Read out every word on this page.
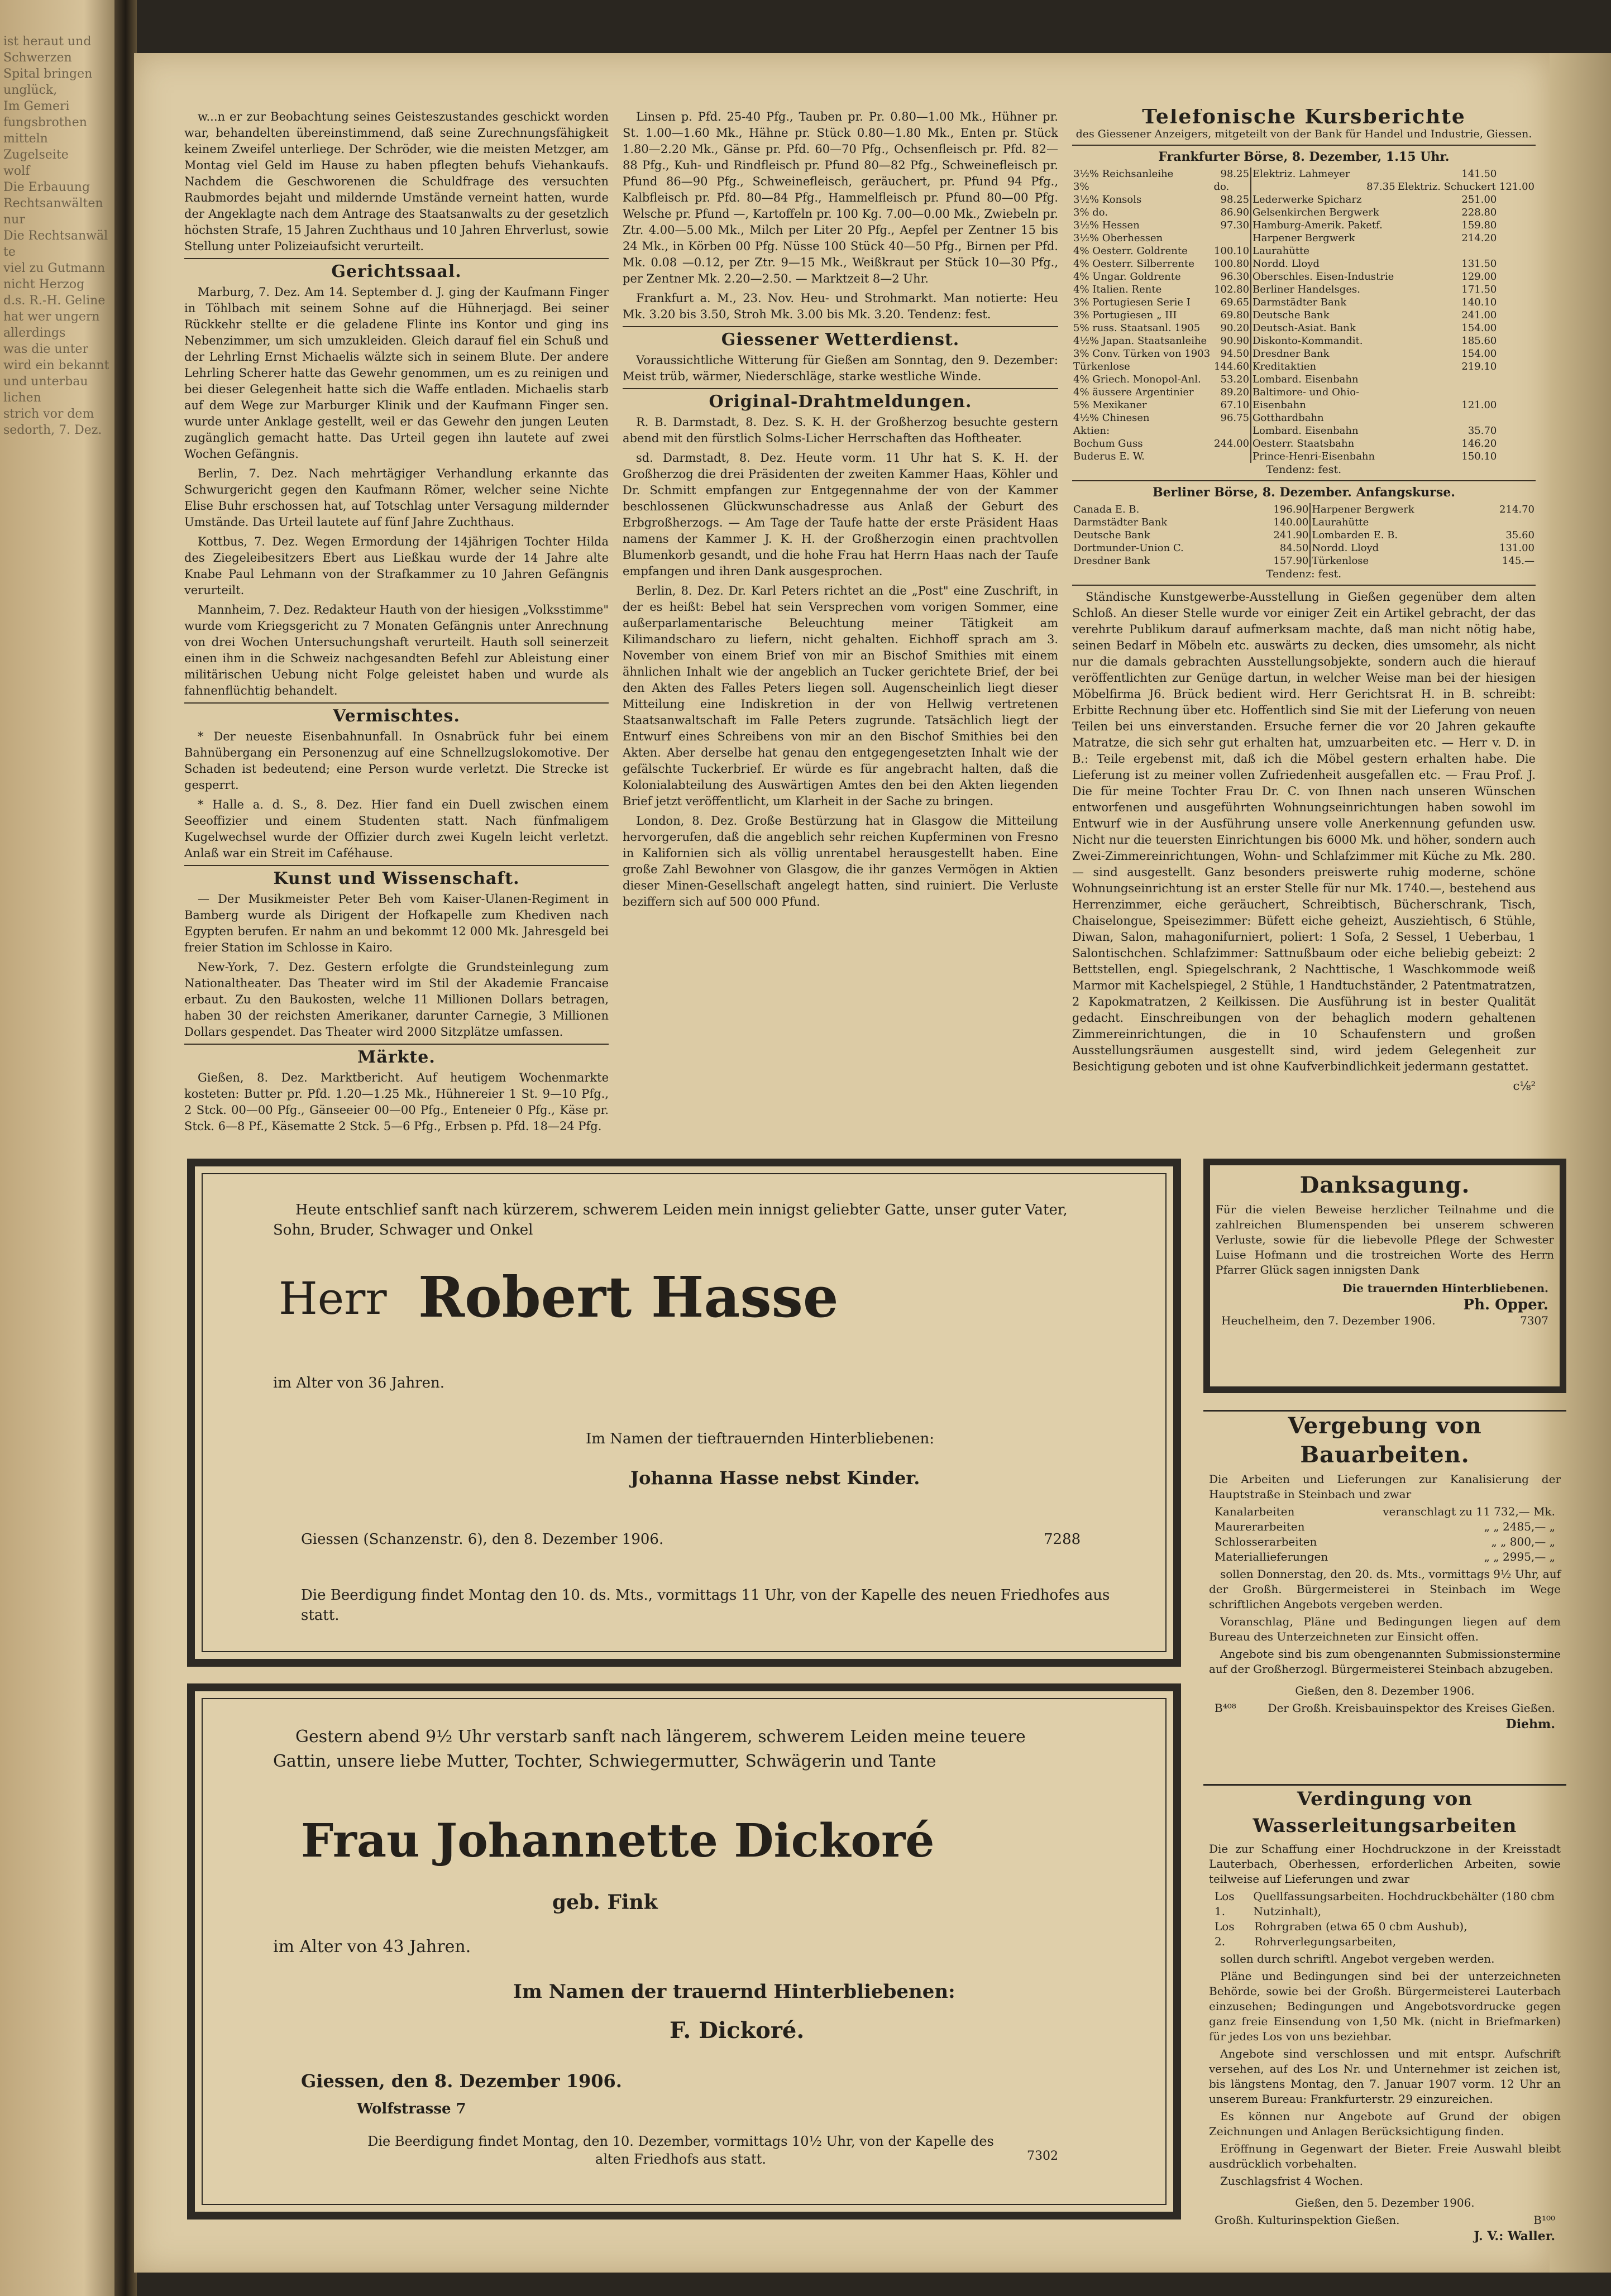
ist heraut und
Schwerzen
Spital bringen
unglück,
Im Gemeri
fungsbrothen
mitteln
Zugelseite
wolf
Die Erbauung
Rechtsanwälten
nur
Die Rechtsanwälte
viel zu Gutmann
nicht Herzog
d.s. R.-H. Geline
hat wer ungern
allerdings
was die unter
wird ein bekannt
und unterbau
lichen
strich vor dem
sedorth, 7. Dez.

w...n er zur Beobachtung seines Geisteszustandes geschickt worden war, behandelten übereinstimmend, daß seine Zurechnungsfähigkeit keinem Zweifel unterliege. Der Schröder, wie die meisten Metzger, am Montag viel Geld im Hause zu haben pflegten behufs Viehankaufs. Nachdem die Geschworenen die Schuldfrage des versuchten Raubmordes bejaht und mildernde Umstände verneint hatten, wurde der Angeklagte nach dem Antrage des Staatsanwalts zu der gesetzlich höchsten Strafe, 15 Jahren Zuchthaus und 10 Jahren Ehrverlust, sowie Stellung unter Polizeiaufsicht verurteilt.

Gerichtssaal.

Marburg, 7. Dez. Am 14. September d. J. ging der Kaufmann Finger in Töhlbach mit seinem Sohne auf die Hühnerjagd. Bei seiner Rückkehr stellte er die geladene Flinte ins Kontor und ging ins Nebenzimmer, um sich umzukleiden. Gleich darauf fiel ein Schuß und der Lehrling Ernst Michaelis wälzte sich in seinem Blute. Der andere Lehrling Scherer hatte das Gewehr genommen, um es zu reinigen und bei dieser Gelegenheit hatte sich die Waffe entladen. Michaelis starb auf dem Wege zur Marburger Klinik und der Kaufmann Finger sen. wurde unter Anklage gestellt, weil er das Gewehr den jungen Leuten zugänglich gemacht hatte. Das Urteil gegen ihn lautete auf zwei Wochen Gefängnis.

Berlin, 7. Dez. Nach mehrtägiger Verhandlung erkannte das Schwurgericht gegen den Kaufmann Römer, welcher seine Nichte Elise Buhr erschossen hat, auf Totschlag unter Versagung mildernder Umstände. Das Urteil lautete auf fünf Jahre Zuchthaus.

Kottbus, 7. Dez. Wegen Ermordung der 14jährigen Tochter Hilda des Ziegeleibesitzers Ebert aus Ließkau wurde der 14 Jahre alte Knabe Paul Lehmann von der Strafkammer zu 10 Jahren Gefängnis verurteilt.

Mannheim, 7. Dez. Redakteur Hauth von der hiesigen „Volksstimme" wurde vom Kriegsgericht zu 7 Monaten Gefängnis unter Anrechnung von drei Wochen Untersuchungshaft verurteilt. Hauth soll seinerzeit einen ihm in die Schweiz nachgesandten Befehl zur Ableistung einer militärischen Uebung nicht Folge geleistet haben und wurde als fahnenflüchtig behandelt.

Vermischtes.

* Der neueste Eisenbahnunfall. In Osnabrück fuhr bei einem Bahnübergang ein Personenzug auf eine Schnellzugslokomotive. Der Schaden ist bedeutend; eine Person wurde verletzt. Die Strecke ist gesperrt.

* Halle a. d. S., 8. Dez. Hier fand ein Duell zwischen einem Seeoffizier und einem Studenten statt. Nach fünfmaligem Kugelwechsel wurde der Offizier durch zwei Kugeln leicht verletzt. Anlaß war ein Streit im Caféhause.

Kunst und Wissenschaft.

— Der Musikmeister Peter Beh vom Kaiser-Ulanen-Regiment in Bamberg wurde als Dirigent der Hofkapelle zum Khediven nach Egypten berufen. Er nahm an und bekommt 12 000 Mk. Jahresgeld bei freier Station im Schlosse in Kairo.

New-York, 7. Dez. Gestern erfolgte die Grundsteinlegung zum Nationaltheater. Das Theater wird im Stil der Akademie Francaise erbaut. Zu den Baukosten, welche 11 Millionen Dollars betragen, haben 30 der reichsten Amerikaner, darunter Carnegie, 3 Millionen Dollars gespendet. Das Theater wird 2000 Sitzplätze umfassen.

Märkte.

Gießen, 8. Dez. Marktbericht. Auf heutigem Wochenmarkte kosteten: Butter pr. Pfd. 1.20—1.25 Mk., Hühnereier 1 St. 9—10 Pfg., 2 Stck. 00—00 Pfg., Gänseeier 00—00 Pfg., Enteneier 0 Pfg., Käse pr. Stck. 6—8 Pf., Käsematte 2 Stck. 5—6 Pfg., Erbsen p. Pfd. 18—24 Pfg.

Linsen p. Pfd. 25-40 Pfg., Tauben pr. Pr. 0.80—1.00 Mk., Hühner pr. St. 1.00—1.60 Mk., Hähne pr. Stück 0.80—1.80 Mk., Enten pr. Stück 1.80—2.20 Mk., Gänse pr. Pfd. 60—70 Pfg., Ochsenfleisch pr. Pfd. 82—88 Pfg., Kuh- und Rindfleisch pr. Pfund 80—82 Pfg., Schweinefleisch pr. Pfund 86—90 Pfg., Schweinefleisch, geräuchert, pr. Pfund 94 Pfg., Kalbfleisch pr. Pfd. 80—84 Pfg., Hammelfleisch pr. Pfund 80—00 Pfg. Welsche pr. Pfund —, Kartoffeln pr. 100 Kg. 7.00—0.00 Mk., Zwiebeln pr. Ztr. 4.00—5.00 Mk., Milch per Liter 20 Pfg., Aepfel per Zentner 15 bis 24 Mk., in Körben 00 Pfg. Nüsse 100 Stück 40—50 Pfg., Birnen per Pfd. Mk. 0.08 —0.12, per Ztr. 9—15 Mk., Weißkraut per Stück 10—30 Pfg., per Zentner Mk. 2.20—2.50. — Marktzeit 8—2 Uhr.

Frankfurt a. M., 23. Nov. Heu- und Strohmarkt. Man notierte: Heu Mk. 3.20 bis 3.50, Stroh Mk. 3.00 bis Mk. 3.20. Tendenz: fest.

Giessener Wetterdienst.

Voraussichtliche Witterung für Gießen am Sonntag, den 9. Dezember: Meist trüb, wärmer, Niederschläge, starke westliche Winde.

Original-Drahtmeldungen.

R. B. Darmstadt, 8. Dez. S. K. H. der Großherzog besuchte gestern abend mit den fürstlich Solms-Licher Herrschaften das Hoftheater.

sd. Darmstadt, 8. Dez. Heute vorm. 11 Uhr hat S. K. H. der Großherzog die drei Präsidenten der zweiten Kammer Haas, Köhler und Dr. Schmitt empfangen zur Entgegennahme der von der Kammer beschlossenen Glückwunschadresse aus Anlaß der Geburt des Erbgroßherzogs. — Am Tage der Taufe hatte der erste Präsident Haas namens der Kammer J. K. H. der Großherzogin einen prachtvollen Blumenkorb gesandt, und die hohe Frau hat Herrn Haas nach der Taufe empfangen und ihren Dank ausgesprochen.

Berlin, 8. Dez. Dr. Karl Peters richtet an die „Post" eine Zuschrift, in der es heißt: Bebel hat sein Versprechen vom vorigen Sommer, eine außerparlamentarische Beleuchtung meiner Tätigkeit am Kilimandscharo zu liefern, nicht gehalten. Eichhoff sprach am 3. November von einem Brief von mir an Bischof Smithies mit einem ähnlichen Inhalt wie der angeblich an Tucker gerichtete Brief, der bei den Akten des Falles Peters liegen soll. Augenscheinlich liegt dieser Mitteilung eine Indiskretion in der von Hellwig vertretenen Staatsanwaltschaft im Falle Peters zugrunde. Tatsächlich liegt der Entwurf eines Schreibens von mir an den Bischof Smithies bei den Akten. Aber derselbe hat genau den entgegengesetzten Inhalt wie der gefälschte Tuckerbrief. Er würde es für angebracht halten, daß die Kolonialabteilung des Auswärtigen Amtes den bei den Akten liegenden Brief jetzt veröffentlicht, um Klarheit in der Sache zu bringen.

London, 8. Dez. Große Bestürzung hat in Glasgow die Mitteilung hervorgerufen, daß die angeblich sehr reichen Kupferminen von Fresno in Kalifornien sich als völlig unrentabel herausgestellt haben. Eine große Zahl Bewohner von Glasgow, die ihr ganzes Vermögen in Aktien dieser Minen-Gesellschaft angelegt hatten, sind ruiniert. Die Verluste beziffern sich auf 500 000 Pfund.

Telefonische Kursberichte
des Giessener Anzeigers, mitgeteilt von der Bank für Handel und Industrie, Giessen.
Frankfurter Börse, 8. Dezember, 1.15 Uhr.
3½% Reichsanleihe	98.25	Elektriz. Lahmeyer	141.50	
3%	do.	87.35	Elektriz. Schuckert	121.00
3½% Konsols	98.25	Lederwerke Spicharz	251.00	
3% do.	86.90	Gelsenkirchen Bergwerk	228.80	
3½% Hessen	97.30	Hamburg-Amerik. Paketf.	159.80	
3½% Oberhessen		Harpener Bergwerk	214.20	
4% Oesterr. Goldrente	100.10	Laurahütte		
4% Oesterr. Silberrente	100.80	Nordd. Lloyd	131.50	
4% Ungar. Goldrente	96.30	Oberschles. Eisen-Industrie	129.00	
4% Italien. Rente	102.80	Berliner Handelsges.	171.50	
3% Portugiesen Serie I	69.65	Darmstädter Bank	140.10	
3% Portugiesen „ III	69.80	Deutsche Bank	241.00	
5% russ. Staatsanl. 1905	90.20	Deutsch-Asiat. Bank	154.00	
4½% Japan. Staatsanleihe	90.90	Diskonto-Kommandit.	185.60	
3% Conv. Türken von 1903	94.50	Dresdner Bank	154.00	
Türkenlose	144.60	Kreditaktien	219.10	
4% Griech. Monopol-Anl.	53.20	Lombard. Eisenbahn		
4% äussere Argentinier	89.20	Baltimore- und Ohio-		
5% Mexikaner	67.10	Eisenbahn	121.00	
4½% Chinesen	96.75	Gotthardbahn		
Aktien:		Lombard. Eisenbahn	35.70	
Bochum Guss	244.00	Oesterr. Staatsbahn	146.20	
Buderus E. W.		Prince-Henri-Eisenbahn	150.10	
Tendenz: fest.
Berliner Börse, 8. Dezember. Anfangskurse.
Canada E. B.	196.90	Harpener Bergwerk	214.70
Darmstädter Bank	140.00	Laurahütte	
Deutsche Bank	241.90	Lombarden E. B.	35.60
Dortmunder-Union C.	84.50	Nordd. Lloyd	131.00
Dresdner Bank	157.90	Türkenlose	145.—
Tendenz: fest.

Ständische Kunstgewerbe-Ausstellung in Gießen gegenüber dem alten Schloß. An dieser Stelle wurde vor einiger Zeit ein Artikel gebracht, der das verehrte Publikum darauf aufmerksam machte, daß man nicht nötig habe, seinen Bedarf in Möbeln etc. auswärts zu decken, dies umsomehr, als nicht nur die damals gebrachten Ausstellungsobjekte, sondern auch die hierauf veröffentlichten zur Genüge dartun, in welcher Weise man bei der hiesigen Möbelfirma J6. Brück bedient wird. Herr Gerichtsrat H. in B. schreibt: Erbitte Rechnung über etc. Hoffentlich sind Sie mit der Lieferung von neuen Teilen bei uns einverstanden. Ersuche ferner die vor 20 Jahren gekaufte Matratze, die sich sehr gut erhalten hat, umzuarbeiten etc. — Herr v. D. in B.: Teile ergebenst mit, daß ich die Möbel gestern erhalten habe. Die Lieferung ist zu meiner vollen Zufriedenheit ausgefallen etc. — Frau Prof. J. Die für meine Tochter Frau Dr. C. von Ihnen nach unseren Wünschen entworfenen und ausgeführten Wohnungseinrichtungen haben sowohl im Entwurf wie in der Ausführung unsere volle Anerkennung gefunden usw. Nicht nur die teuersten Einrichtungen bis 6000 Mk. und höher, sondern auch Zwei-Zimmereinrichtungen, Wohn- und Schlafzimmer mit Küche zu Mk. 280.— sind ausgestellt. Ganz besonders preiswerte ruhig moderne, schöne Wohnungseinrichtung ist an erster Stelle für nur Mk. 1740.—, bestehend aus Herrenzimmer, eiche geräuchert, Schreibtisch, Bücherschrank, Tisch, Chaiselongue, Speisezimmer: Büfett eiche geheizt, Ausziehtisch, 6 Stühle, Diwan, Salon, mahagonifurniert, poliert: 1 Sofa, 2 Sessel, 1 Ueberbau, 1 Salontischchen. Schlafzimmer: Sattnußbaum oder eiche beliebig gebeizt: 2 Bettstellen, engl. Spiegelschrank, 2 Nachttische, 1 Waschkommode weiß Marmor mit Kachelspiegel, 2 Stühle, 1 Handtuchständer, 2 Patentmatratzen, 2 Kapokmatratzen, 2 Keilkissen. Die Ausführung ist in bester Qualität gedacht. Einschreibungen von der behaglich modern gehaltenen Zimmereinrichtungen, die in 10 Schaufenstern und großen Ausstellungsräumen ausgestellt sind, wird jedem Gelegenheit zur Besichtigung geboten und ist ohne Kaufverbindlichkeit jedermann gestattet.

c⅛²
Heute entschlief sanft nach kürzerem, schwerem Leiden mein innigst geliebter Gatte, unser guter Vater, Sohn, Bruder, Schwager und Onkel
Herr Robert Hasse
im Alter von 36 Jahren.
Im Namen der tieftrauernden Hinterbliebenen:
Johanna Hasse nebst Kinder.
Giessen (Schanzenstr. 6), den 8. Dezember 1906.	7288
Die Beerdigung findet Montag den 10. ds. Mts., vormittags 11 Uhr, von der Kapelle des neuen Friedhofes aus statt.
Gestern abend 9½ Uhr verstarb sanft nach längerem, schwerem Leiden meine teuere Gattin, unsere liebe Mutter, Tochter, Schwiegermutter, Schwägerin und Tante
Frau Johannette Dickoré
geb. Fink
im Alter von 43 Jahren.
Im Namen der trauernd Hinterbliebenen:
F. Dickoré.
Giessen, den 8. Dezember 1906.
Wolfstrasse 7
Die Beerdigung findet Montag, den 10. Dezember, vormittags 10½ Uhr, von der Kapelle des alten Friedhofs aus statt.	7302
Danksagung.
Für die vielen Beweise herzlicher Teilnahme und die zahlreichen Blumenspenden bei unserem schweren Verluste, sowie für die liebevolle Pflege der Schwester Luise Hofmann und die trostreichen Worte des Herrn Pfarrer Glück sagen innigsten Dank
Die trauernden Hinterbliebenen.
Ph. Opper.
Heuchelheim, den 7. Dezember 1906.	7307
Vergebung von Bauarbeiten.
Die Arbeiten und Lieferungen zur Kanalisierung der Hauptstraße in Steinbach und zwar
Kanalarbeiten	veranschlagt zu 11 732,— Mk.
Maurerarbeiten	„ „ 2485,— „
Schlosserarbeiten	„ „ 800,— „
Materiallieferungen	„ „ 2995,— „

sollen Donnerstag, den 20. ds. Mts., vormittags 9½ Uhr, auf der Großh. Bürgermeisterei in Steinbach im Wege schriftlichen Angebots vergeben werden.

Voranschlag, Pläne und Bedingungen liegen auf dem Bureau des Unterzeichneten zur Einsicht offen.

Angebote sind bis zum obengenannten Submissionstermine auf der Großherzogl. Bürgermeisterei Steinbach abzugeben.

Gießen, den 8. Dezember 1906.
B⁴⁰⁸	Der Großh. Kreisbauinspektor des Kreises Gießen.
Diehm.
Verdingung von Wasserleitungsarbeiten
Die zur Schaffung einer Hochdruckzone in der Kreisstadt Lauterbach, Oberhessen, erforderlichen Arbeiten, sowie teilweise auf Lieferungen und zwar
Los 1.
Quellfassungsarbeiten. Hochdruckbehälter (180 cbm Nutzinhalt),
Los 2.
Rohrgraben (etwa 65 0 cbm Aushub), Rohrverlegungsarbeiten,

sollen durch schriftl. Angebot vergeben werden.

Pläne und Bedingungen sind bei der unterzeichneten Behörde, sowie bei der Großh. Bürgermeisterei Lauterbach einzusehen; Bedingungen und Angebotsvordrucke gegen ganz freie Einsendung von 1,50 Mk. (nicht in Briefmarken) für jedes Los von uns beziehbar.

Angebote sind verschlossen und mit entspr. Aufschrift versehen, auf des Los Nr. und Unternehmer ist zeichen ist, bis längstens Montag, den 7. Januar 1907 vorm. 12 Uhr an unserem Bureau: Frankfurterstr. 29 einzureichen.

Es können nur Angebote auf Grund der obigen Zeichnungen und Anlagen Berücksichtigung finden.

Eröffnung in Gegenwart der Bieter. Freie Auswahl bleibt ausdrücklich vorbehalten.

Zuschlagsfrist 4 Wochen.

Gießen, den 5. Dezember 1906.
Großh. Kulturinspektion Gießen.	B¹⁰⁰
J. V.: Waller.
